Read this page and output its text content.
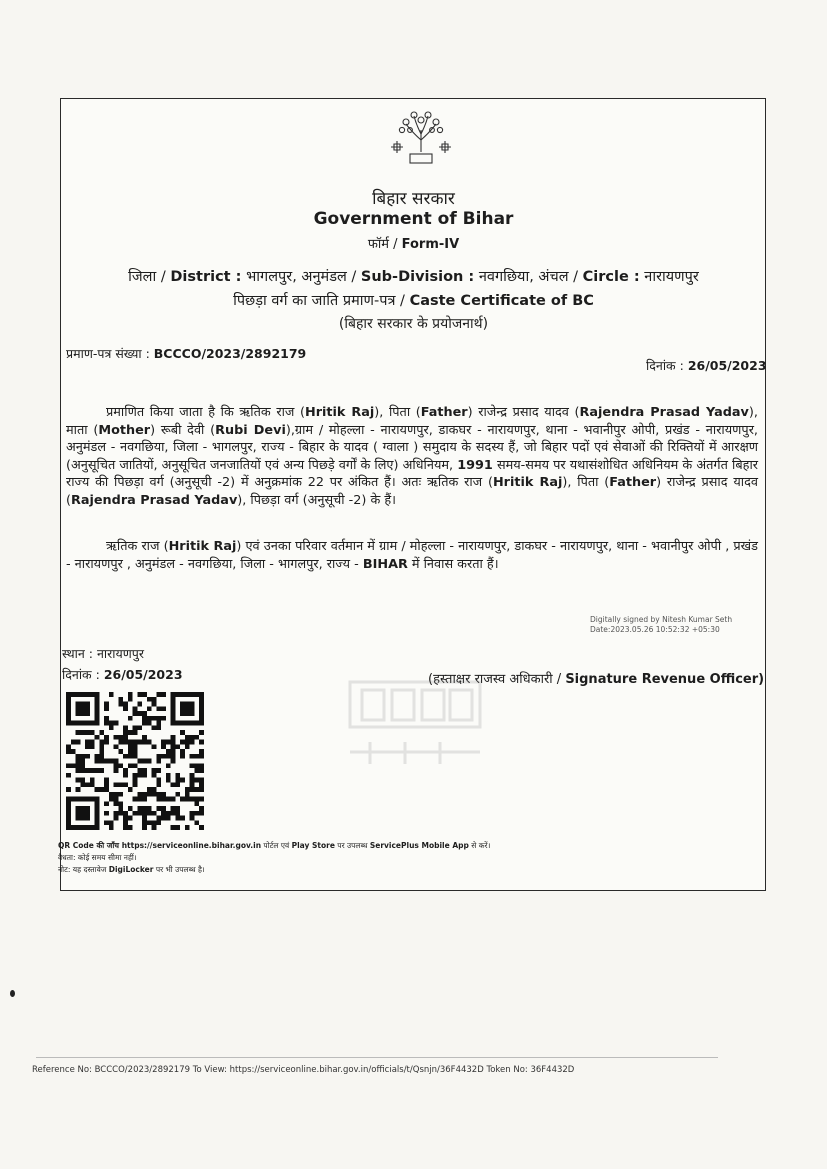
बिहार सरकार
Government of Bihar
फॉर्म / Form-IV
जिला / District : भागलपुर, अनुमंडल / Sub-Division : नवगछिया, अंचल / Circle : नारायणपुर
पिछड़ा वर्ग का जाति प्रमाण-पत्र / Caste Certificate of BC
(बिहार सरकार के प्रयोजनार्थ)
प्रमाण-पत्र संख्या : BCCCO/2023/2892179
दिनांक : 26/05/2023
प्रमाणित किया जाता है कि ऋतिक राज (Hritik Raj), पिता (Father) राजेन्द्र प्रसाद यादव (Rajendra Prasad Yadav), माता (Mother) रूबी देवी (Rubi Devi),ग्राम / मोहल्ला - नारायणपुर, डाकघर - नारायणपुर, थाना - भवानीपुर ओपी, प्रखंड - नारायणपुर, अनुमंडल - नवगछिया, जिला - भागलपुर, राज्य - बिहार के यादव ( ग्वाला ) समुदाय के सदस्य हैं, जो बिहार पदों एवं सेवाओं की रिक्तियों में आरक्षण (अनुसूचित जातियों, अनुसूचित जनजातियों एवं अन्य पिछड़े वर्गों के लिए) अधिनियम, 1991 समय-समय पर यथासंशोधित अधिनियम के अंतर्गत बिहार राज्य की पिछड़ा वर्ग (अनुसूची -2) में अनुक्रमांक 22 पर अंकित हैं। अतः ऋतिक राज (Hritik Raj), पिता (Father) राजेन्द्र प्रसाद यादव (Rajendra Prasad Yadav), पिछड़ा वर्ग (अनुसूची -2) के हैं।
ऋतिक राज (Hritik Raj) एवं उनका परिवार वर्तमान में ग्राम / मोहल्ला - नारायणपुर, डाकघर - नारायणपुर, थाना - भवानीपुर ओपी , प्रखंड - नारायणपुर , अनुमंडल - नवगछिया, जिला - भागलपुर, राज्य - BIHAR में निवास करता हैं।
Digitally signed by Nitesh Kumar Seth
Date:2023.05.26 10:52:32 +05:30
स्थान : नारायणपुर
दिनांक : 26/05/2023	(हस्ताक्षर राजस्व अधिकारी / Signature Revenue Officer)
QR Code की जाँच https://serviceonline.bihar.gov.in पोर्टल एवं Play Store पर उपलब्ध ServicePlus Mobile App से करें।
वैधता: कोई समय सीमा नहीं।
नोट: यह दस्तावेज DigiLocker पर भी उपलब्ध है।
Reference No: BCCCO/2023/2892179 To View: https://serviceonline.bihar.gov.in/officials/t/Qsnjn/36F4432D Token No: 36F4432D
